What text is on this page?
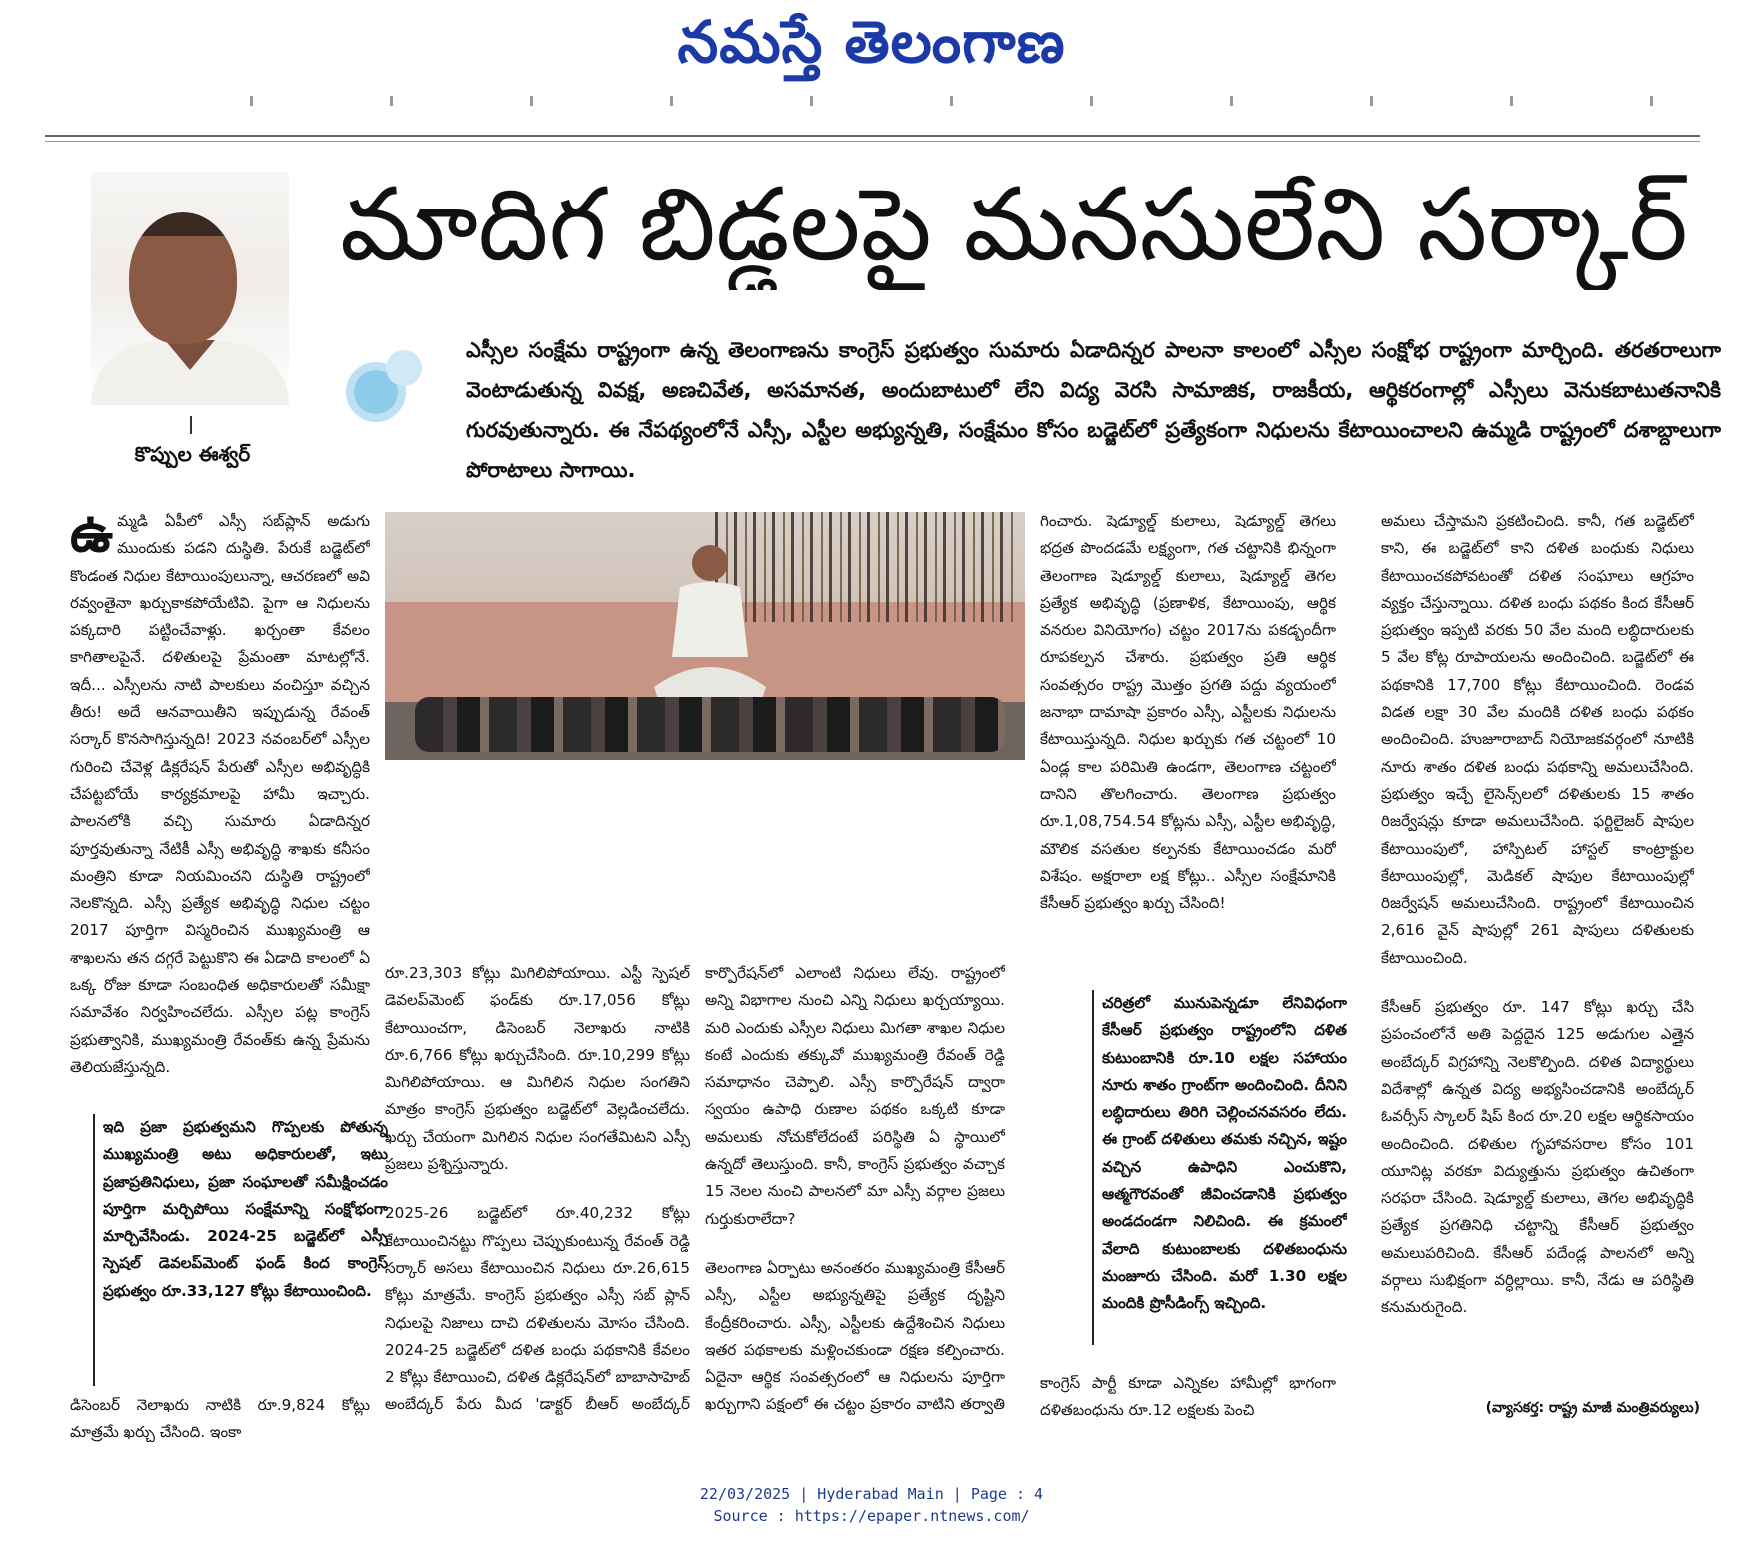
నమస్తే తెలంగాణ
కొప్పుల ఈశ్వర్
మాదిగ బిడ్డలపై మనసులేని సర్కార్
ఎస్సీల సంక్షేమ రాష్ట్రంగా ఉన్న తెలంగాణను కాంగ్రెస్ ప్రభుత్వం సుమారు ఏడాదిన్నర పాలనా కాలంలో ఎస్సీల సంక్షోభ రాష్ట్రంగా మార్చింది. తరతరాలుగా వెంటాడుతున్న వివక్ష, అణచివేత, అసమానత, అందుబాటులో లేని విద్య వెరసి సామాజిక, రాజకీయ, ఆర్థికరంగాల్లో ఎస్సీలు వెనుకబాటుతనానికి గురవుతున్నారు. ఈ నేపథ్యంలోనే ఎస్సీ, ఎస్టీల అభ్యున్నతి, సంక్షేమం కోసం బడ్జెట్‌లో ప్రత్యేకంగా నిధులను కేటాయించాలని ఉమ్మడి రాష్ట్రంలో దశాబ్దాలుగా పోరాటాలు సాగాయి.
ఉ మ్మడి ఏపీలో ఎస్సీ సబ్‌ప్లాన్ అడుగు ముందుకు పడని దుస్థితి. పేరుకే బడ్జెట్‌లో కొండంత నిధుల కేటాయింపులున్నా, ఆచరణలో అవి రవ్వంతైనా ఖర్చుకాకపోయేటివి. పైగా ఆ నిధులను పక్కదారి పట్టించేవాళ్లు. ఖర్చంతా కేవలం కాగితాలపైనే. దళితులపై ప్రేమంతా మాటల్లోనే. ఇదీ... ఎస్సీలను నాటి పాలకులు వంచిస్తూ వచ్చిన తీరు! అదే ఆనవాయితీని ఇప్పుడున్న రేవంత్ సర్కార్ కొనసాగిస్తున్నది! 2023 నవంబర్‌లో ఎస్సీల గురించి చేవెళ్ల డిక్లరేషన్ పేరుతో ఎస్సీల అభివృద్ధికి చేపట్టబోయే కార్యక్రమాలపై హామీ ఇచ్చారు. పాలనలోకి వచ్చి సుమారు ఏడాదిన్నర పూర్తవుతున్నా నేటికీ ఎస్సీ అభివృద్ధి శాఖకు కనీసం మంత్రిని కూడా నియమించని దుస్థితి రాష్ట్రంలో నెలకొన్నది. ఎస్సీ ప్రత్యేక అభివృద్ధి నిధుల చట్టం 2017 పూర్తిగా విస్మరించిన ముఖ్యమంత్రి ఆ శాఖలను తన దగ్గరే పెట్టుకొని ఈ ఏడాది కాలంలో ఏ ఒక్క రోజు కూడా సంబంధిత అధికారులతో సమీక్షా సమావేశం నిర్వహించలేదు. ఎస్సీల పట్ల కాంగ్రెస్ ప్రభుత్వానికి, ముఖ్యమంత్రి రేవంత్‌కు ఉన్న ప్రేమను తెలియజేస్తున్నది.

ఇది ప్రజా ప్రభుత్వమని గొప్పలకు పోతున్న ముఖ్యమంత్రి అటు అధికారులతో, ఇటు ప్రజాప్రతినిధులు, ప్రజా సంఘాలతో సమీక్షించడం పూర్తిగా మర్చిపోయి సంక్షేమాన్ని సంక్షోభంగా మార్చివేసిండు. 2024-25 బడ్జెట్‌లో ఎస్సీ స్పెషల్ డెవలప్‌మెంట్ ఫండ్ కింద కాంగ్రెస్ ప్రభుత్వం రూ.33,127 కోట్లు కేటాయించింది.
డిసెంబర్ నెలాఖరు నాటికి రూ.9,824 కోట్లు మాత్రమే ఖర్చు చేసింది. ఇంకా

రూ.23,303 కోట్లు మిగిలిపోయాయి. ఎస్టీ స్పెషల్ డెవలప్‌మెంట్ ఫండ్‌కు రూ.17,056 కోట్లు కేటాయించగా, డిసెంబర్ నెలాఖరు నాటికి రూ.6,766 కోట్లు ఖర్చుచేసింది. రూ.10,299 కోట్లు మిగిలిపోయాయి. ఆ మిగిలిన నిధుల సంగతిని మాత్రం కాంగ్రెస్ ప్రభుత్వం బడ్జెట్‌లో వెల్లడించలేదు. ఖర్చు చేయంగా మిగిలిన నిధుల సంగతేమిటని ఎస్సీ ప్రజలు ప్రశ్నిస్తున్నారు.

2025-26 బడ్జెట్‌లో రూ.40,232 కోట్లు కేటాయించినట్టు గొప్పలు చెప్పుకుంటున్న రేవంత్ రెడ్డి సర్కార్ అసలు కేటాయించిన నిధులు రూ.26,615 కోట్లు మాత్రమే. కాంగ్రెస్ ప్రభుత్వం ఎస్సీ సబ్ ప్లాన్ నిధులపై నిజాలు దాచి దళితులను మోసం చేసింది. 2024-25 బడ్జెట్‌లో దళిత బంధు పథకానికి కేవలం 2 కోట్లు కేటాయించి, దళిత డిక్లరేషన్‌లో బాబాసాహెబ్ అంబేద్కర్ పేరు మీద 'డాక్టర్ బీఆర్ అంబేద్కర్

కార్పొరేషన్‌లో ఎలాంటి నిధులు లేవు. రాష్ట్రంలో అన్ని విభాగాల నుంచి ఎన్ని నిధులు ఖర్చయ్యాయి. మరి ఎందుకు ఎస్సీల నిధులు మిగతా శాఖల నిధుల కంటే ఎందుకు తక్కువో ముఖ్యమంత్రి రేవంత్ రెడ్డి సమాధానం చెప్పాలి. ఎస్సీ కార్పొరేషన్ ద్వారా స్వయం ఉపాధి రుణాల పథకం ఒక్కటి కూడా అమలుకు నోచుకోలేదంటే పరిస్థితి ఏ స్థాయిలో ఉన్నదో తెలుస్తుంది. కానీ, కాంగ్రెస్ ప్రభుత్వం వచ్చాక 15 నెలల నుంచి పాలనలో మా ఎస్సీ వర్గాల ప్రజలు గుర్తుకురాలేదా?

తెలంగాణ ఏర్పాటు అనంతరం ముఖ్యమంత్రి కేసీఆర్ ఎస్సీ, ఎస్టీల అభ్యున్నతిపై ప్రత్యేక దృష్టిని కేంద్రీకరించారు. ఎస్సీ, ఎస్టీలకు ఉద్దేశించిన నిధులు ఇతర పథకాలకు మళ్లించకుండా రక్షణ కల్పించారు. ఏదైనా ఆర్థిక సంవత్సరంలో ఆ నిధులను పూర్తిగా ఖర్చుగాని పక్షంలో ఈ చట్టం ప్రకారం వాటిని తర్వాతి

గించారు. షెడ్యూల్డ్ కులాలు, షెడ్యూల్డ్ తెగలు భద్రత పొందడమే లక్ష్యంగా, గత చట్టానికి భిన్నంగా తెలంగాణ షెడ్యూల్డ్ కులాలు, షెడ్యూల్డ్ తెగల ప్రత్యేక అభివృద్ధి (ప్రణాళిక, కేటాయింపు, ఆర్థిక వనరుల వినియోగం) చట్టం 2017ను పకడ్బందీగా రూపకల్పన చేశారు. ప్రభుత్వం ప్రతి ఆర్థిక సంవత్సరం రాష్ట్ర మొత్తం ప్రగతి పద్దు వ్యయంలో జనాభా దామాషా ప్రకారం ఎస్సీ, ఎస్టీలకు నిధులను కేటాయిస్తున్నది. నిధుల ఖర్చుకు గత చట్టంలో 10 ఏండ్ల కాల పరిమితి ఉండగా, తెలంగాణ చట్టంలో దానిని తొలగించారు. తెలంగాణ ప్రభుత్వం రూ.1,08,754.54 కోట్లను ఎస్సీ, ఎస్టీల అభివృద్ధి, మౌలిక వసతుల కల్పనకు కేటాయించడం మరో విశేషం. అక్షరాలా లక్ష కోట్లు.. ఎస్సీల సంక్షేమానికి కేసీఆర్ ప్రభుత్వం ఖర్చు చేసింది!

చరిత్రలో మునుపెన్నడూ లేనివిధంగా కేసీఆర్ ప్రభుత్వం రాష్ట్రంలోని దళిత కుటుంబానికి రూ.10 లక్షల సహాయం నూరు శాతం గ్రాంట్‌గా అందించింది. దీనిని లబ్ధిదారులు తిరిగి చెల్లించనవసరం లేదు. ఈ గ్రాంట్ దళితులు తమకు నచ్చిన, ఇష్టం వచ్చిన ఉపాధిని ఎంచుకొని, ఆత్మగౌరవంతో జీవించడానికి ప్రభుత్వం అండదండగా నిలిచింది. ఈ క్రమంలో వేలాది కుటుంబాలకు దళితబంధును మంజూరు చేసింది. మరో 1.30 లక్షల మందికి ప్రొసీడింగ్స్ ఇచ్చింది.
కాంగ్రెస్ పార్టీ కూడా ఎన్నికల హామీల్లో భాగంగా దళితబంధును రూ.12 లక్షలకు పెంచి

అమలు చేస్తామని ప్రకటించింది. కానీ, గత బడ్జెట్‌లో కాని, ఈ బడ్జెట్‌లో కాని దళిత బంధుకు నిధులు కేటాయించకపోవటంతో దళిత సంఘాలు ఆగ్రహం వ్యక్తం చేస్తున్నాయి. దళిత బంధు పథకం కింద కేసీఆర్ ప్రభుత్వం ఇప్పటి వరకు 50 వేల మంది లబ్ధిదారులకు 5 వేల కోట్ల రూపాయలను అందించింది. బడ్జెట్‌లో ఈ పథకానికి 17,700 కోట్లు కేటాయించింది. రెండవ విడత లక్షా 30 వేల మందికి దళిత బంధు పథకం అందించింది. హుజూరాబాద్ నియోజకవర్గంలో నూటికి నూరు శాతం దళిత బంధు పథకాన్ని అమలుచేసింది. ప్రభుత్వం ఇచ్చే లైసెన్స్‌లలో దళితులకు 15 శాతం రిజర్వేషన్లు కూడా అమలుచేసింది. ఫర్టిలైజర్ షాపుల కేటాయింపులో, హాస్పిటల్ హాస్టల్ కాంట్రాక్టుల కేటాయింపుల్లో, మెడికల్ షాపుల కేటాయింపుల్లో రిజర్వేషన్ అమలుచేసింది. రాష్ట్రంలో కేటాయించిన 2,616 వైన్ షాపుల్లో 261 షాపులు దళితులకు కేటాయించింది.

కేసీఆర్ ప్రభుత్వం రూ. 147 కోట్లు ఖర్చు చేసి ప్రపంచంలోనే అతి పెద్దదైన 125 అడుగుల ఎత్తైన అంబేద్కర్ విగ్రహాన్ని నెలకొల్పింది. దళిత విద్యార్థులు విదేశాల్లో ఉన్నత విద్య అభ్యసించడానికి అంబేద్కర్ ఓవర్సీస్ స్కాలర్ షిప్ కింద రూ.20 లక్షల ఆర్థికసాయం అందించింది. దళితుల గృహావసరాల కోసం 101 యూనిట్ల వరకూ విద్యుత్తును ప్రభుత్వం ఉచితంగా సరఫరా చేసింది. షెడ్యూల్డ్ కులాలు, తెగల అభివృద్ధికి ప్రత్యేక ప్రగతినిధి చట్టాన్ని కేసీఆర్ ప్రభుత్వం అమలుపరిచింది. కేసీఆర్ పదేండ్ల పాలనలో అన్ని వర్గాలు సుభిక్షంగా వర్ధిల్లాయి. కానీ, నేడు ఆ పరిస్థితి కనుమరుగైంది.

(వ్యాసకర్త: రాష్ట్ర మాజీ మంత్రివర్యులు)
22/03/2025 | Hyderabad Main | Page : 4
Source : https://epaper.ntnews.com/
